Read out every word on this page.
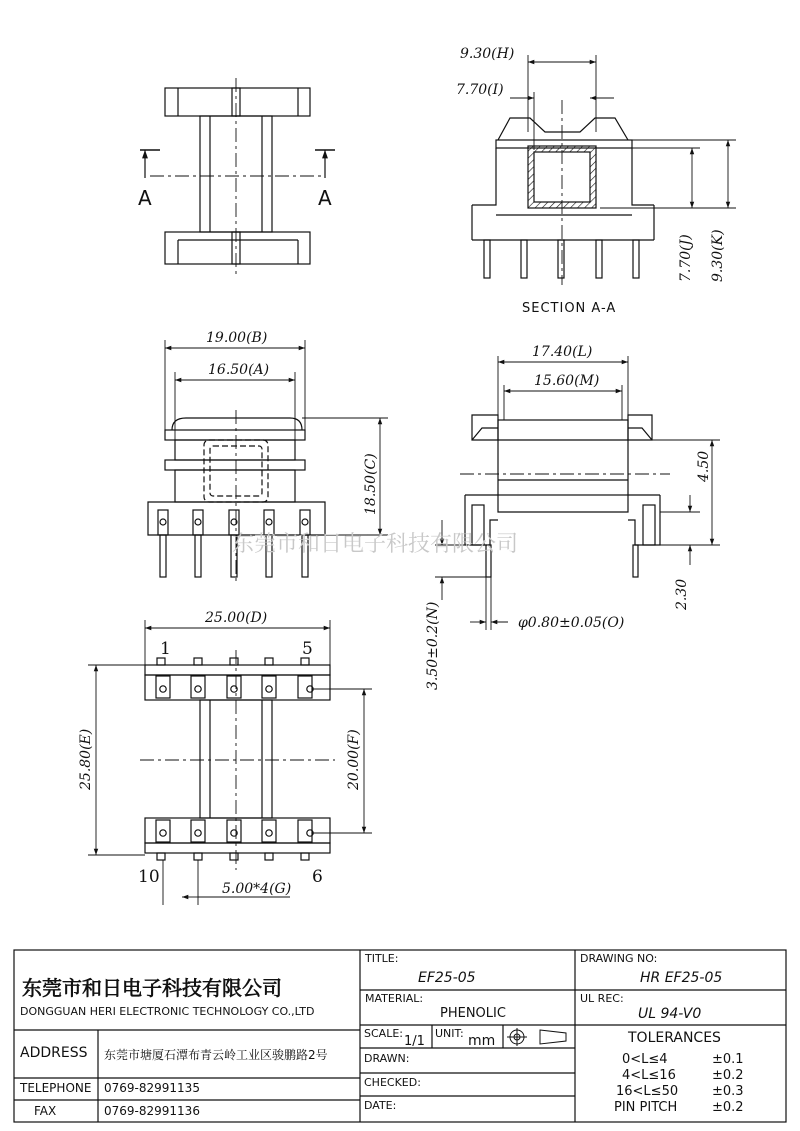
A	A
SECTION A-A
9.30(H)
7.70(I)
7.70(J) 9.30(K)
19.00(B)
16.50(A)
18.50(C)
17.40(L)
15.60(M)
4.50
2.30
3.50±0.2(N)	φ0.80±0.05(O)
25.00(D)
25.80(E)	20.00(F)
5.00*4(G)
1	5
10	6
东莞市和日电子科技有限公司
东莞市和日电子科技有限公司
DONGGUAN HERI ELECTRONIC TECHNOLOGY CO.,LTD
ADDRESS 东莞市塘厦石潭布青云岭工业区骏鹏路2号
TELEPHONE 0769-82991135
FAX	0769-82991136
TITLE:
EF25-05
MATERIAL:
PHENOLIC
SCALE:
1/1
UNIT: mm
DRAWN:
CHECKED:
DATE:
DRAWING NO:
HR EF25-05
UL REC:
UL 94-V0
TOLERANCES
0<L≤4	±0.1
4<L≤16	±0.2
16<L≤50	±0.3
PIN PITCH	±0.2
